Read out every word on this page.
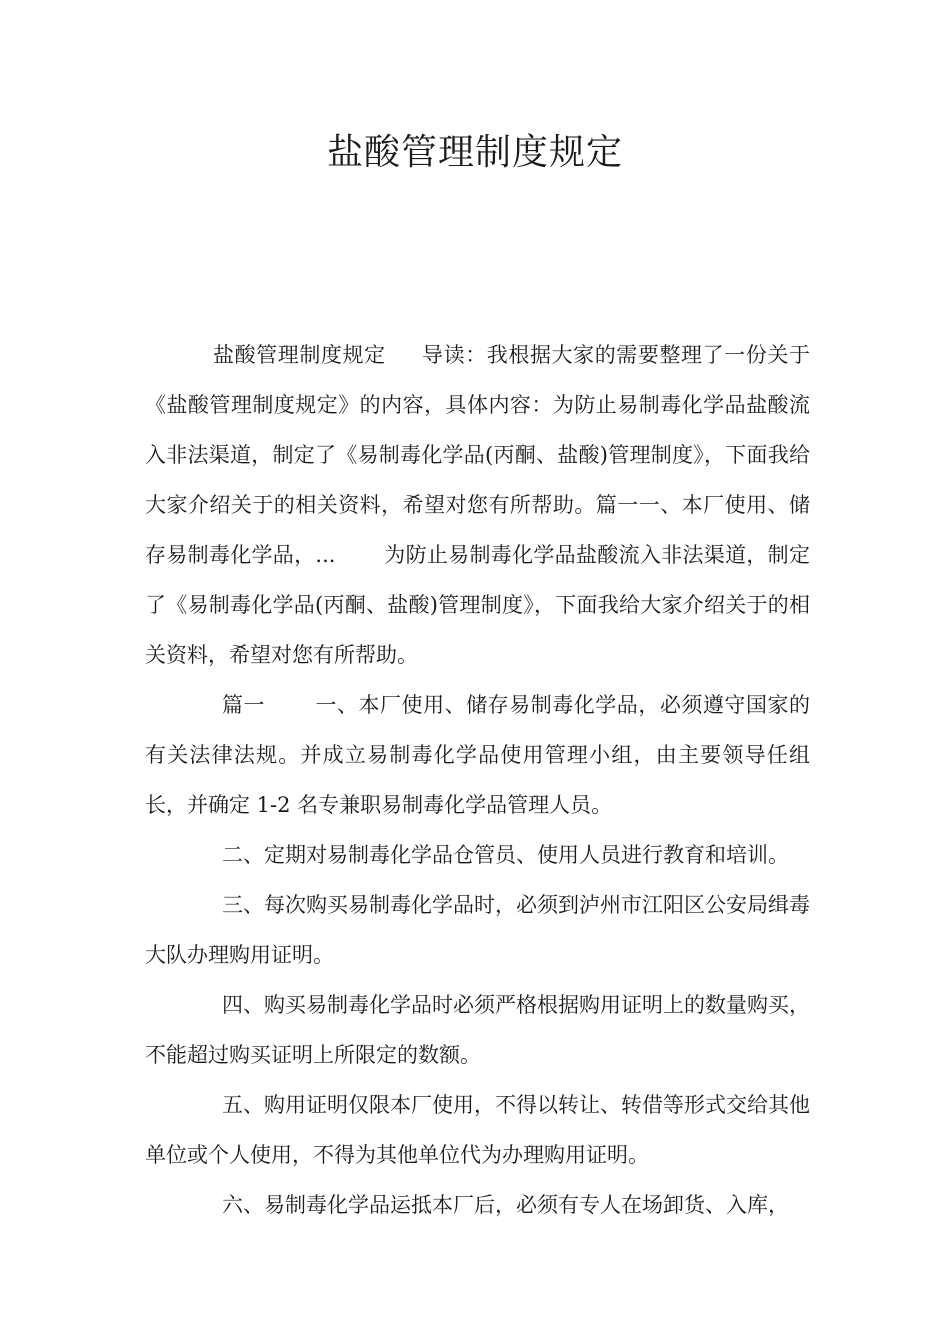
盐酸管理制度规定

盐酸管理制度规定     导读：我根据大家的需要整理了一份关于《盐酸管理制度规定》的内容，具体内容：为防止易制毒化学品盐酸流入非法渠道，制定了《易制毒化学品(丙酮、盐酸)管理制度》，下面我给大家介绍关于的相关资料，希望对您有所帮助。篇一一、本厂使用、储存易制毒化学品，...       为防止易制毒化学品盐酸流入非法渠道，制定了《易制毒化学品(丙酮、盐酸)管理制度》，下面我给大家介绍关于的相关资料，希望对您有所帮助。

篇一       一、本厂使用、储存易制毒化学品，必须遵守国家的有关法律法规。并成立易制毒化学品使用管理小组，由主要领导任组长，并确定 1-2 名专兼职易制毒化学品管理人员。

二、定期对易制毒化学品仓管员、使用人员进行教育和培训。

三、每次购买易制毒化学品时，必须到泸州市江阳区公安局缉毒大队办理购用证明。

四、购买易制毒化学品时必须严格根据购用证明上的数量购买，不能超过购买证明上所限定的数额。

五、购用证明仅限本厂使用，不得以转让、转借等形式交给其他单位或个人使用，不得为其他单位代为办理购用证明。

六、易制毒化学品运抵本厂后，必须有专人在场卸货、入库，
